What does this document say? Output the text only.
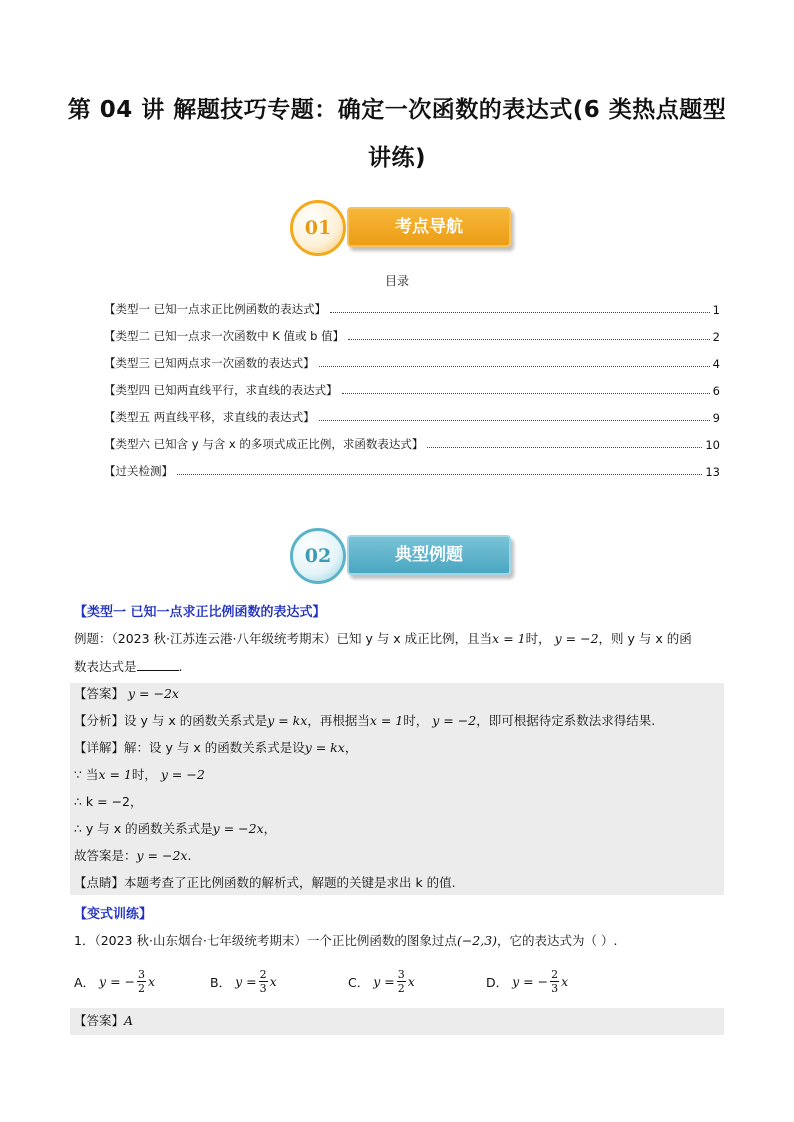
第 04 讲 解题技巧专题：确定一次函数的表达式(6 类热点题型讲练)
01	考点导航
目录
【类型一 已知一点求正比例函数的表达式】	1
【类型二 已知一点求一次函数中 K 值或 b 值】	2
【类型三 已知两点求一次函数的表达式】	4
【类型四 已知两直线平行，求直线的表达式】	6
【类型五 两直线平移，求直线的表达式】	9
【类型六 已知含 y 与含 x 的多项式成正比例，求函数表达式】	10
【过关检测】	13
02	典型例题
【类型一 已知一点求正比例函数的表达式】
例题：（2023 秋·江苏连云港·八年级统考期末）已知 y 与 x 成正比例，且当x = 1时， y = −2，则 y 与 x 的函
数表达式是	.
【答案】 y = −2x
【分析】设 y 与 x 的函数关系式是y = kx，再根据当x = 1时， y = −2，即可根据待定系数法求得结果.
【详解】解：设 y 与 x 的函数关系式是设y = kx，
∵ 当x = 1时， y = −2
∴ k = −2，
∴ y 与 x 的函数关系式是y = −2x，
故答案是：y = −2x.
【点睛】本题考查了正比例函数的解析式，解题的关键是求出 k 的值.
【变式训练】
1．（2023 秋·山东烟台·七年级统考期末）一个正比例函数的图象过点(−2,3)，它的表达式为（ ）.
A．
y = − $\frac{3}{2}$ x	B．
$y = \frac{2}{3}$ x	C．
$y = \frac{3}{2}$ x	D．
y = − $\frac{2}{3}$ x
【答案】A
